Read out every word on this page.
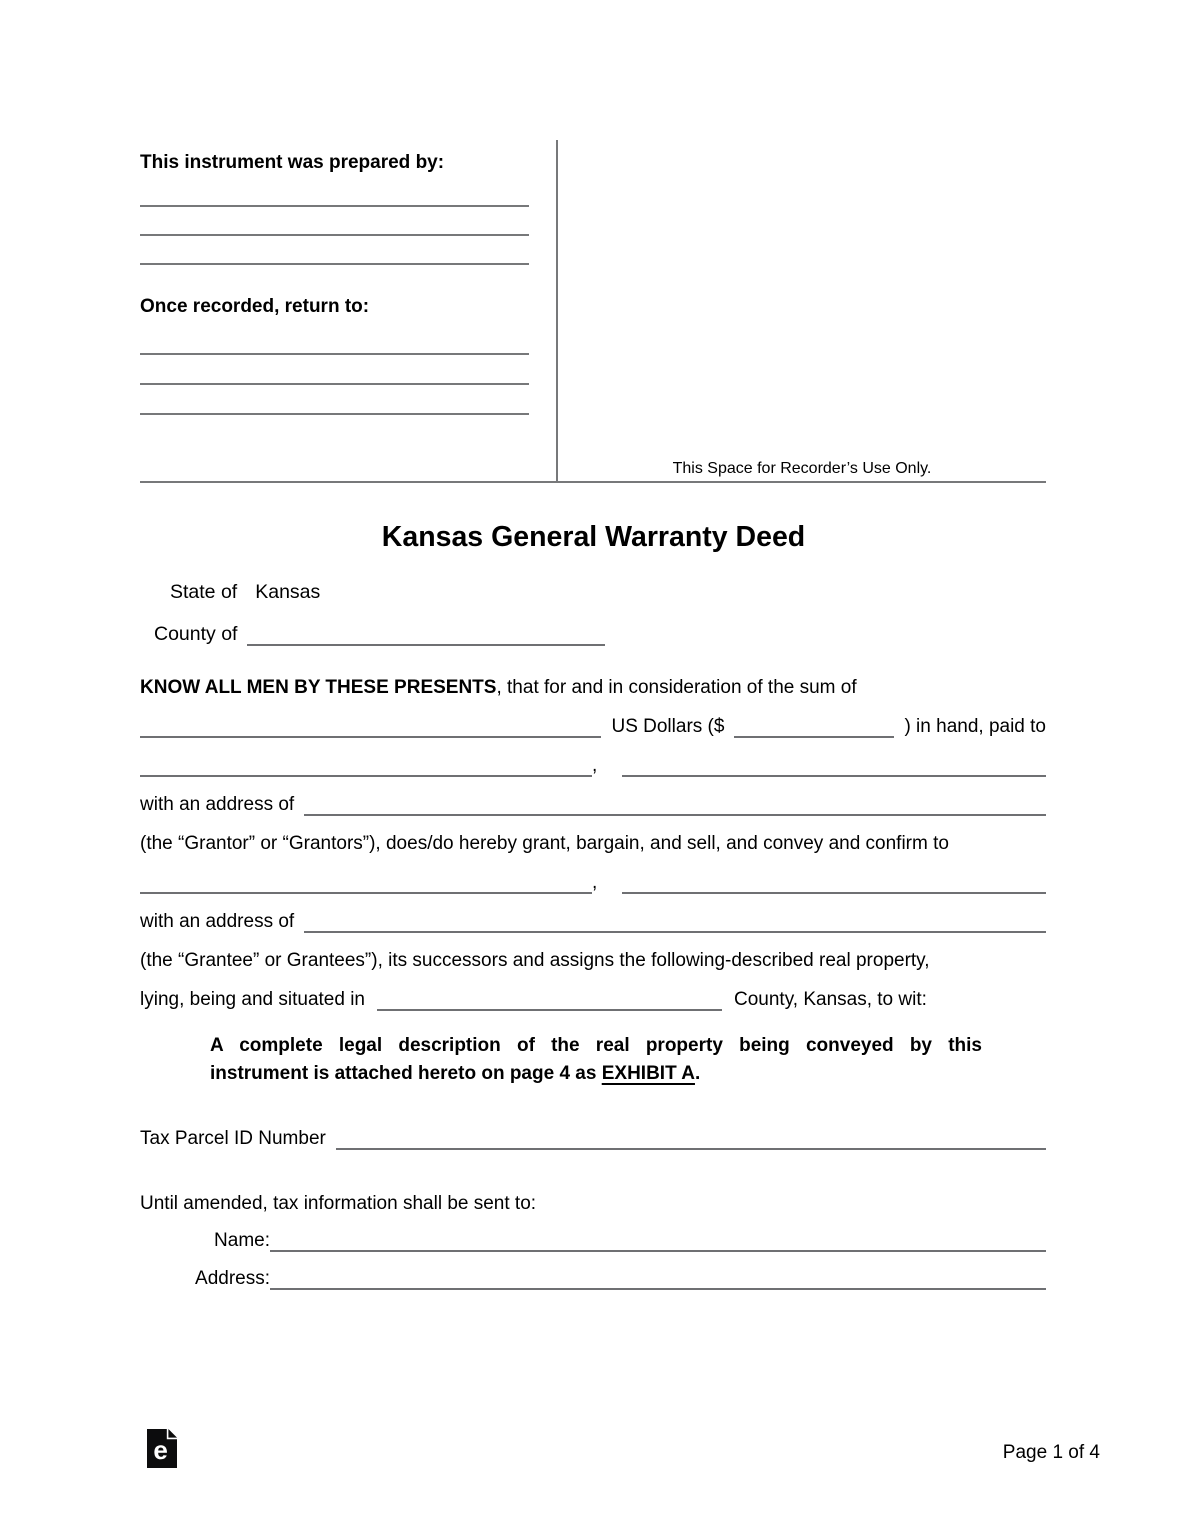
This instrument was prepared by:
Once recorded, return to:
This Space for Recorder’s Use Only.
Kansas General Warranty Deed
State of Kansas
County of
KNOW ALL MEN BY THESE PRESENTS , that for and in consideration of the sum of
US Dollars ($	) in hand, paid to
,
with an address of
(the “Grantor” or “Grantors”), does/do hereby grant, bargain, and sell, and convey and confirm to
,
with an address of
(the “Grantee” or Grantees”), its successors and assigns the following-described real property,
lying, being and situated in	County, Kansas, to wit:
A complete legal description of the real property being conveyed by this
instrument is attached hereto on page 4 as EXHIBIT A.
Tax Parcel ID Number
Until amended, tax information shall be sent to:
Name:
Address:
e	Page 1 of 4
